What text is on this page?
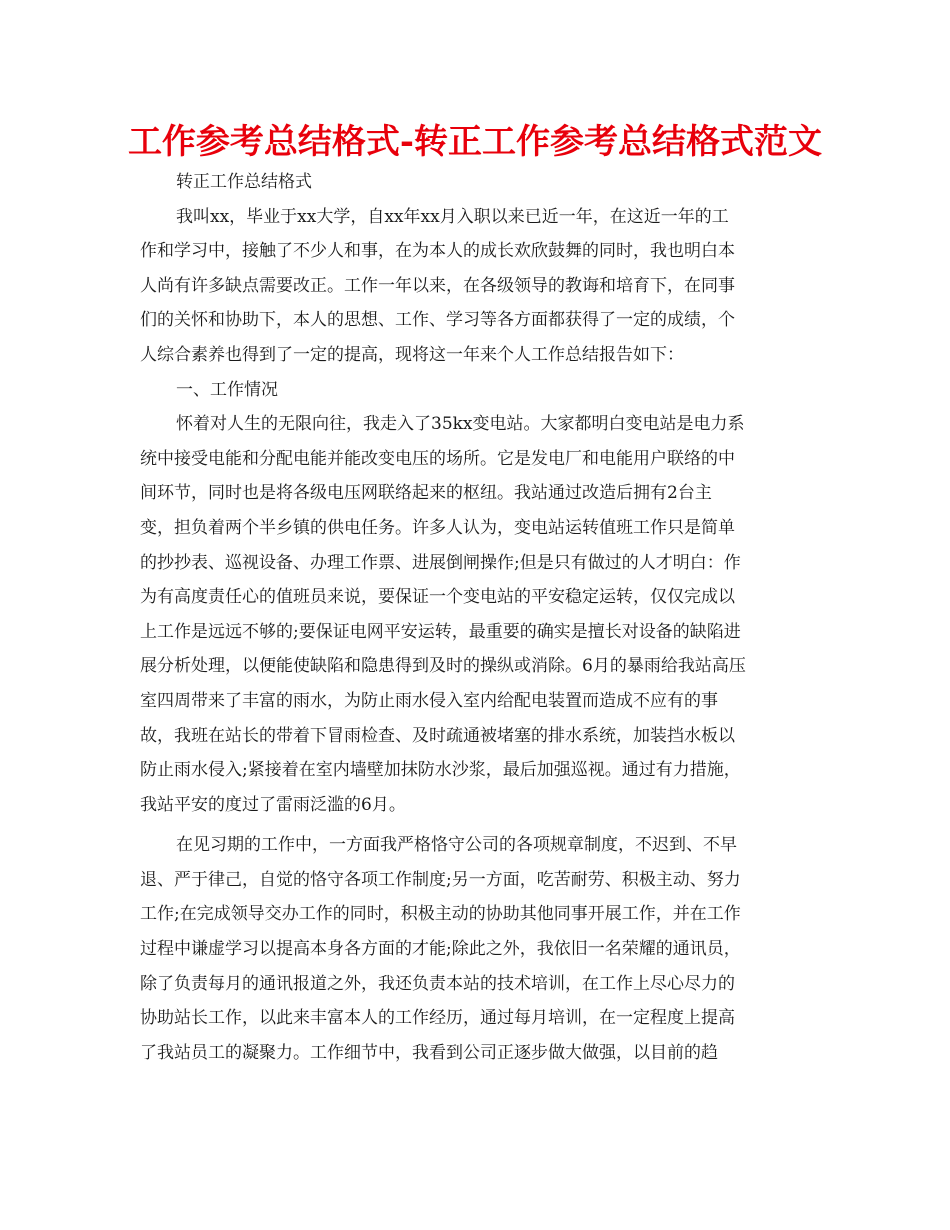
工作参考总结格式-转正工作参考总结格式范文
转正工作总结格式
我叫xx，毕业于xx大学，自xx年xx月入职以来已近一年，在这近一年的工
作和学习中，接触了不少人和事，在为本人的成长欢欣鼓舞的同时，我也明白本
人尚有许多缺点需要改正。工作一年以来，在各级领导的教诲和培育下，在同事
们的关怀和协助下，本人的思想、工作、学习等各方面都获得了一定的成绩，个
人综合素养也得到了一定的提高，现将这一年来个人工作总结报告如下：
一、工作情况
怀着对人生的无限向往，我走入了35kx变电站。大家都明白变电站是电力系
统中接受电能和分配电能并能改变电压的场所。它是发电厂和电能用户联络的中
间环节，同时也是将各级电压网联络起来的枢纽。我站通过改造后拥有2台主
变，担负着两个半乡镇的供电任务。许多人认为，变电站运转值班工作只是简单
的抄抄表、巡视设备、办理工作票、进展倒闸操作;但是只有做过的人才明白：作
为有高度责任心的值班员来说，要保证一个变电站的平安稳定运转，仅仅完成以
上工作是远远不够的;要保证电网平安运转，最重要的确实是擅长对设备的缺陷进
展分析处理，以便能使缺陷和隐患得到及时的操纵或消除。6月的暴雨给我站高压
室四周带来了丰富的雨水，为防止雨水侵入室内给配电装置而造成不应有的事
故，我班在站长的带着下冒雨检查、及时疏通被堵塞的排水系统，加装挡水板以
防止雨水侵入;紧接着在室内墙壁加抹防水沙浆，最后加强巡视。通过有力措施，
我站平安的度过了雷雨泛滥的6月。
在见习期的工作中，一方面我严格恪守公司的各项规章制度，不迟到、不早
退、严于律己，自觉的恪守各项工作制度;另一方面，吃苦耐劳、积极主动、努力
工作;在完成领导交办工作的同时，积极主动的协助其他同事开展工作，并在工作
过程中谦虚学习以提高本身各方面的才能;除此之外，我依旧一名荣耀的通讯员，
除了负责每月的通讯报道之外，我还负责本站的技术培训，在工作上尽心尽力的
协助站长工作，以此来丰富本人的工作经历，通过每月培训，在一定程度上提高
了我站员工的凝聚力。工作细节中，我看到公司正逐步做大做强，以目前的趋
